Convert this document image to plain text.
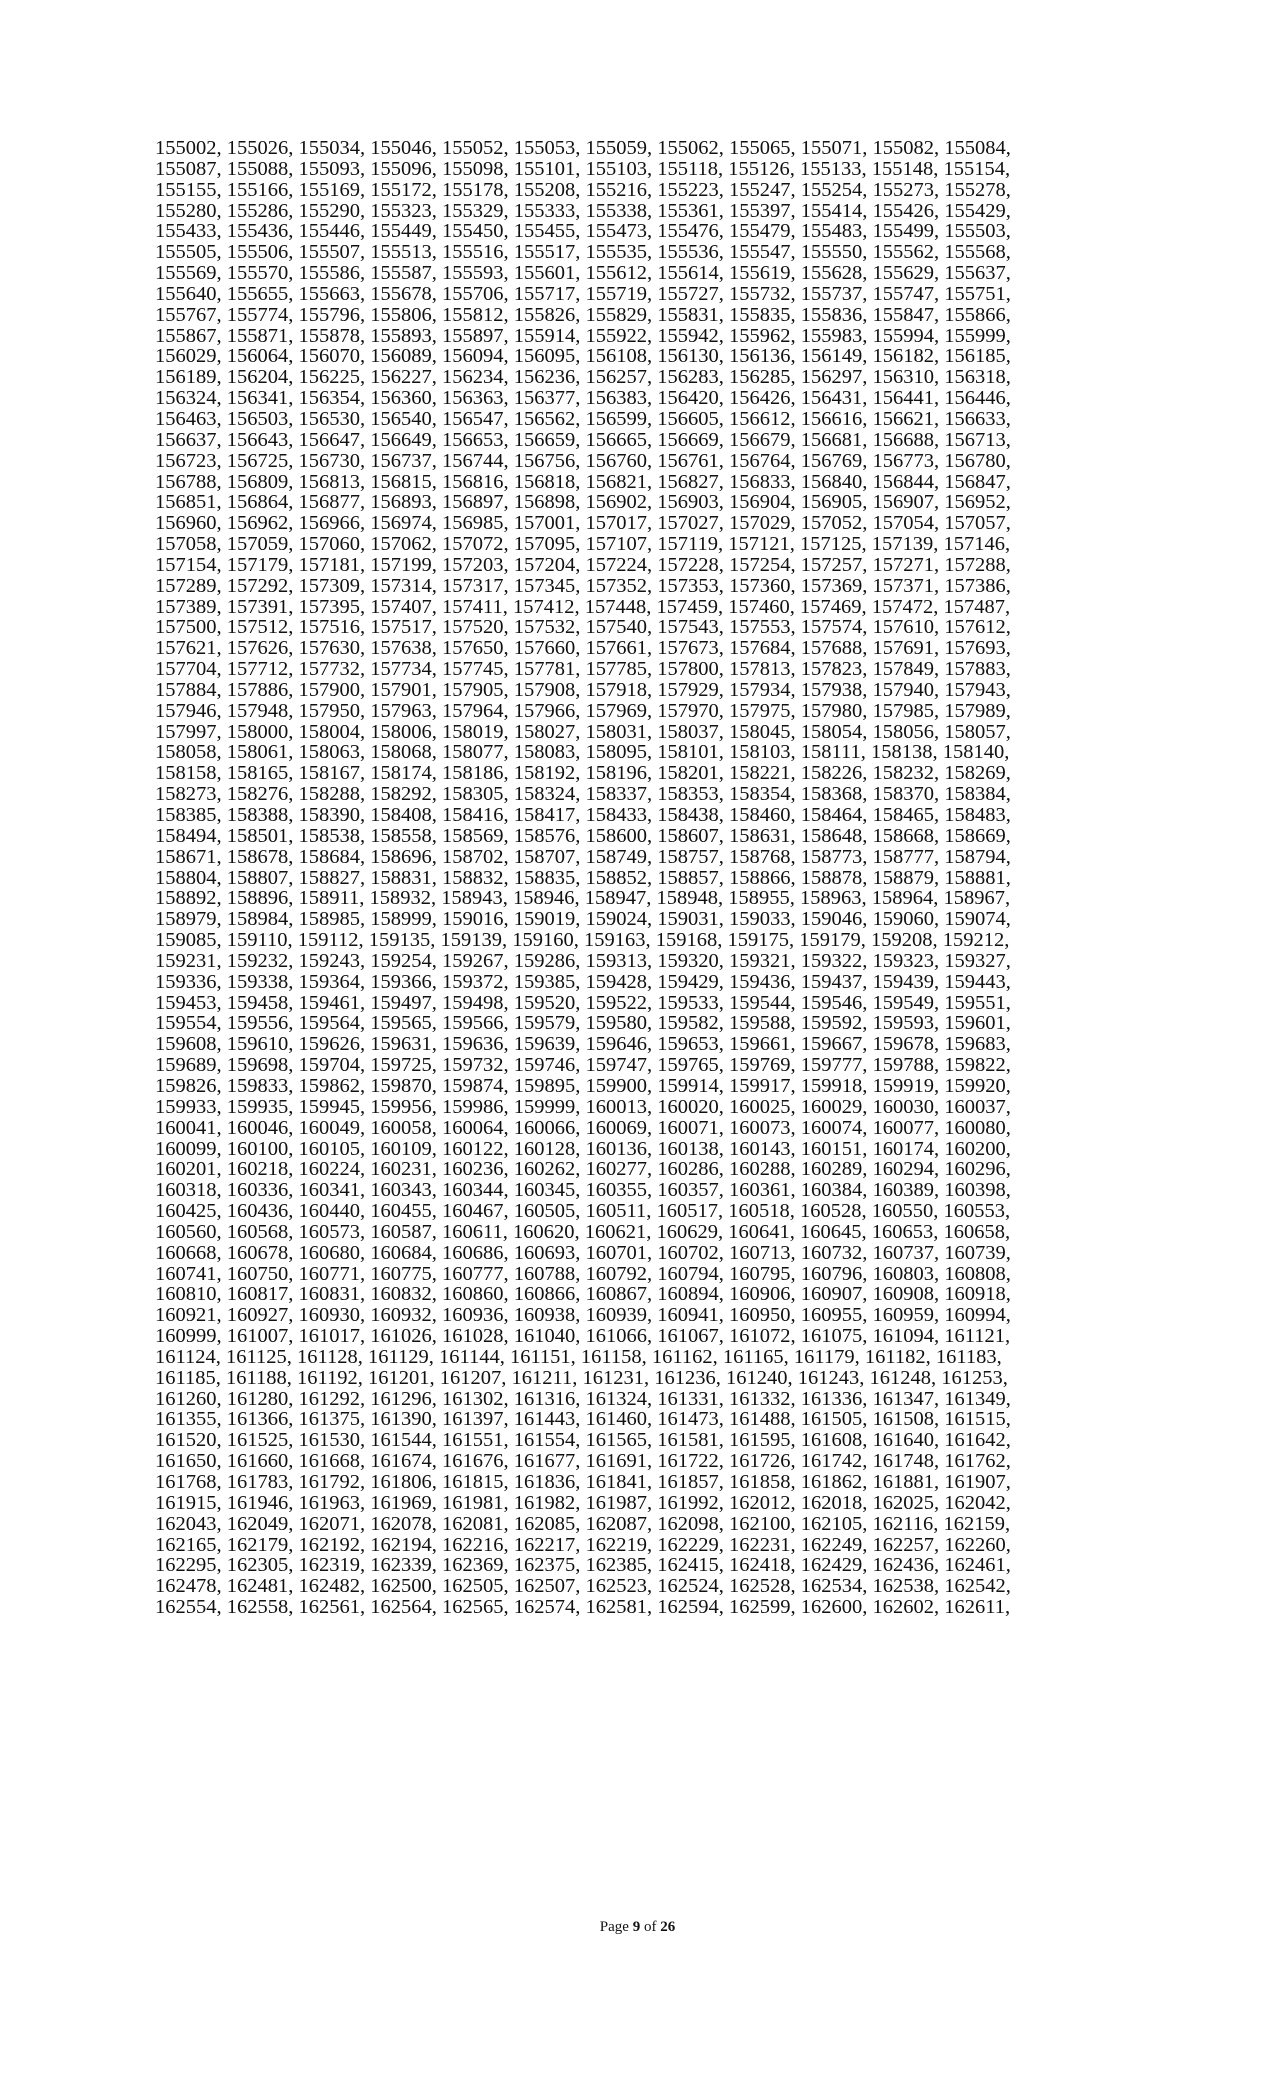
155002, 155026, 155034, 155046, 155052, 155053, 155059, 155062, 155065, 155071, 155082, 155084,
155087, 155088, 155093, 155096, 155098, 155101, 155103, 155118, 155126, 155133, 155148, 155154,
155155, 155166, 155169, 155172, 155178, 155208, 155216, 155223, 155247, 155254, 155273, 155278,
155280, 155286, 155290, 155323, 155329, 155333, 155338, 155361, 155397, 155414, 155426, 155429,
155433, 155436, 155446, 155449, 155450, 155455, 155473, 155476, 155479, 155483, 155499, 155503,
155505, 155506, 155507, 155513, 155516, 155517, 155535, 155536, 155547, 155550, 155562, 155568,
155569, 155570, 155586, 155587, 155593, 155601, 155612, 155614, 155619, 155628, 155629, 155637,
155640, 155655, 155663, 155678, 155706, 155717, 155719, 155727, 155732, 155737, 155747, 155751,
155767, 155774, 155796, 155806, 155812, 155826, 155829, 155831, 155835, 155836, 155847, 155866,
155867, 155871, 155878, 155893, 155897, 155914, 155922, 155942, 155962, 155983, 155994, 155999,
156029, 156064, 156070, 156089, 156094, 156095, 156108, 156130, 156136, 156149, 156182, 156185,
156189, 156204, 156225, 156227, 156234, 156236, 156257, 156283, 156285, 156297, 156310, 156318,
156324, 156341, 156354, 156360, 156363, 156377, 156383, 156420, 156426, 156431, 156441, 156446,
156463, 156503, 156530, 156540, 156547, 156562, 156599, 156605, 156612, 156616, 156621, 156633,
156637, 156643, 156647, 156649, 156653, 156659, 156665, 156669, 156679, 156681, 156688, 156713,
156723, 156725, 156730, 156737, 156744, 156756, 156760, 156761, 156764, 156769, 156773, 156780,
156788, 156809, 156813, 156815, 156816, 156818, 156821, 156827, 156833, 156840, 156844, 156847,
156851, 156864, 156877, 156893, 156897, 156898, 156902, 156903, 156904, 156905, 156907, 156952,
156960, 156962, 156966, 156974, 156985, 157001, 157017, 157027, 157029, 157052, 157054, 157057,
157058, 157059, 157060, 157062, 157072, 157095, 157107, 157119, 157121, 157125, 157139, 157146,
157154, 157179, 157181, 157199, 157203, 157204, 157224, 157228, 157254, 157257, 157271, 157288,
157289, 157292, 157309, 157314, 157317, 157345, 157352, 157353, 157360, 157369, 157371, 157386,
157389, 157391, 157395, 157407, 157411, 157412, 157448, 157459, 157460, 157469, 157472, 157487,
157500, 157512, 157516, 157517, 157520, 157532, 157540, 157543, 157553, 157574, 157610, 157612,
157621, 157626, 157630, 157638, 157650, 157660, 157661, 157673, 157684, 157688, 157691, 157693,
157704, 157712, 157732, 157734, 157745, 157781, 157785, 157800, 157813, 157823, 157849, 157883,
157884, 157886, 157900, 157901, 157905, 157908, 157918, 157929, 157934, 157938, 157940, 157943,
157946, 157948, 157950, 157963, 157964, 157966, 157969, 157970, 157975, 157980, 157985, 157989,
157997, 158000, 158004, 158006, 158019, 158027, 158031, 158037, 158045, 158054, 158056, 158057,
158058, 158061, 158063, 158068, 158077, 158083, 158095, 158101, 158103, 158111, 158138, 158140,
158158, 158165, 158167, 158174, 158186, 158192, 158196, 158201, 158221, 158226, 158232, 158269,
158273, 158276, 158288, 158292, 158305, 158324, 158337, 158353, 158354, 158368, 158370, 158384,
158385, 158388, 158390, 158408, 158416, 158417, 158433, 158438, 158460, 158464, 158465, 158483,
158494, 158501, 158538, 158558, 158569, 158576, 158600, 158607, 158631, 158648, 158668, 158669,
158671, 158678, 158684, 158696, 158702, 158707, 158749, 158757, 158768, 158773, 158777, 158794,
158804, 158807, 158827, 158831, 158832, 158835, 158852, 158857, 158866, 158878, 158879, 158881,
158892, 158896, 158911, 158932, 158943, 158946, 158947, 158948, 158955, 158963, 158964, 158967,
158979, 158984, 158985, 158999, 159016, 159019, 159024, 159031, 159033, 159046, 159060, 159074,
159085, 159110, 159112, 159135, 159139, 159160, 159163, 159168, 159175, 159179, 159208, 159212,
159231, 159232, 159243, 159254, 159267, 159286, 159313, 159320, 159321, 159322, 159323, 159327,
159336, 159338, 159364, 159366, 159372, 159385, 159428, 159429, 159436, 159437, 159439, 159443,
159453, 159458, 159461, 159497, 159498, 159520, 159522, 159533, 159544, 159546, 159549, 159551,
159554, 159556, 159564, 159565, 159566, 159579, 159580, 159582, 159588, 159592, 159593, 159601,
159608, 159610, 159626, 159631, 159636, 159639, 159646, 159653, 159661, 159667, 159678, 159683,
159689, 159698, 159704, 159725, 159732, 159746, 159747, 159765, 159769, 159777, 159788, 159822,
159826, 159833, 159862, 159870, 159874, 159895, 159900, 159914, 159917, 159918, 159919, 159920,
159933, 159935, 159945, 159956, 159986, 159999, 160013, 160020, 160025, 160029, 160030, 160037,
160041, 160046, 160049, 160058, 160064, 160066, 160069, 160071, 160073, 160074, 160077, 160080,
160099, 160100, 160105, 160109, 160122, 160128, 160136, 160138, 160143, 160151, 160174, 160200,
160201, 160218, 160224, 160231, 160236, 160262, 160277, 160286, 160288, 160289, 160294, 160296,
160318, 160336, 160341, 160343, 160344, 160345, 160355, 160357, 160361, 160384, 160389, 160398,
160425, 160436, 160440, 160455, 160467, 160505, 160511, 160517, 160518, 160528, 160550, 160553,
160560, 160568, 160573, 160587, 160611, 160620, 160621, 160629, 160641, 160645, 160653, 160658,
160668, 160678, 160680, 160684, 160686, 160693, 160701, 160702, 160713, 160732, 160737, 160739,
160741, 160750, 160771, 160775, 160777, 160788, 160792, 160794, 160795, 160796, 160803, 160808,
160810, 160817, 160831, 160832, 160860, 160866, 160867, 160894, 160906, 160907, 160908, 160918,
160921, 160927, 160930, 160932, 160936, 160938, 160939, 160941, 160950, 160955, 160959, 160994,
160999, 161007, 161017, 161026, 161028, 161040, 161066, 161067, 161072, 161075, 161094, 161121,
161124, 161125, 161128, 161129, 161144, 161151, 161158, 161162, 161165, 161179, 161182, 161183,
161185, 161188, 161192, 161201, 161207, 161211, 161231, 161236, 161240, 161243, 161248, 161253,
161260, 161280, 161292, 161296, 161302, 161316, 161324, 161331, 161332, 161336, 161347, 161349,
161355, 161366, 161375, 161390, 161397, 161443, 161460, 161473, 161488, 161505, 161508, 161515,
161520, 161525, 161530, 161544, 161551, 161554, 161565, 161581, 161595, 161608, 161640, 161642,
161650, 161660, 161668, 161674, 161676, 161677, 161691, 161722, 161726, 161742, 161748, 161762,
161768, 161783, 161792, 161806, 161815, 161836, 161841, 161857, 161858, 161862, 161881, 161907,
161915, 161946, 161963, 161969, 161981, 161982, 161987, 161992, 162012, 162018, 162025, 162042,
162043, 162049, 162071, 162078, 162081, 162085, 162087, 162098, 162100, 162105, 162116, 162159,
162165, 162179, 162192, 162194, 162216, 162217, 162219, 162229, 162231, 162249, 162257, 162260,
162295, 162305, 162319, 162339, 162369, 162375, 162385, 162415, 162418, 162429, 162436, 162461,
162478, 162481, 162482, 162500, 162505, 162507, 162523, 162524, 162528, 162534, 162538, 162542,
162554, 162558, 162561, 162564, 162565, 162574, 162581, 162594, 162599, 162600, 162602, 162611,
Page 9 of 26
